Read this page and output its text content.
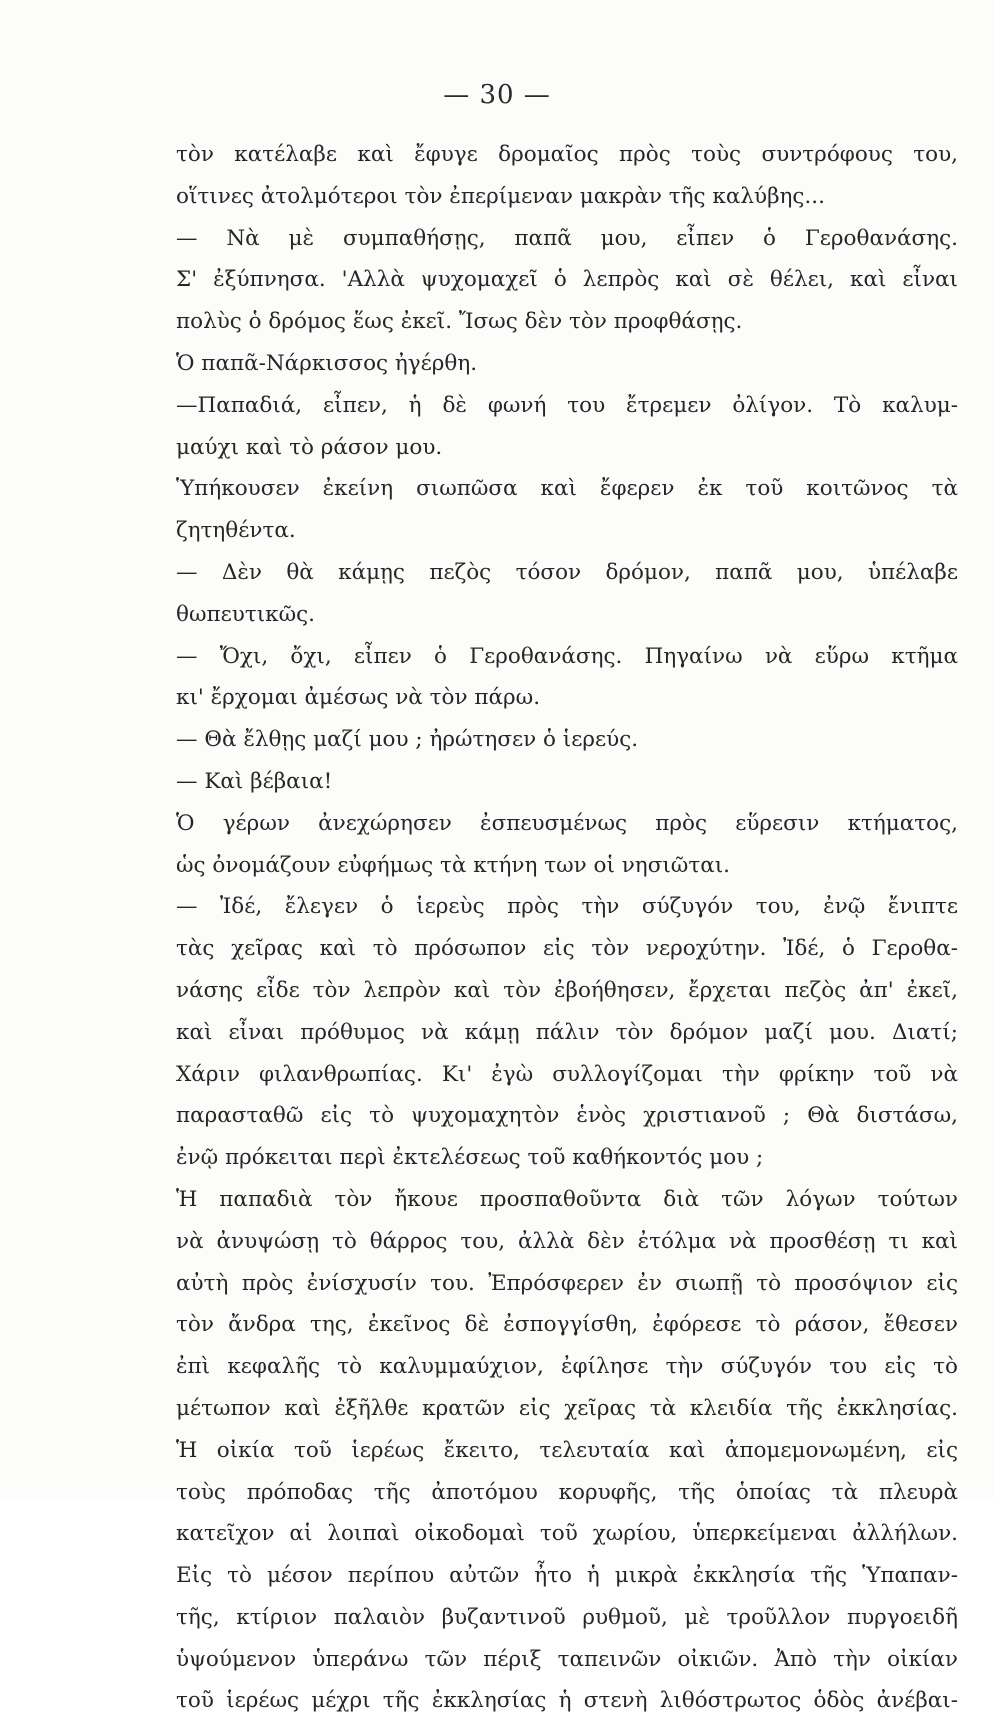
— 30 —
τὸν κατέλαβε καὶ ἔφυγε δρομαῖος πρὸς τοὺς συντρόφους του,
οἵτινες ἀτολμότεροι τὸν ἐπερίμεναν μακρὰν τῆς καλύβης...
— Νὰ μὲ συμπαθήσῃς, παπᾶ μου, εἶπεν ὁ Γεροθανάσης.
Σ' ἐξύπνησα. 'Αλλὰ ψυχομαχεῖ ὁ λεπρὸς καὶ σὲ θέλει, καὶ εἶναι
πολὺς ὁ δρόμος ἕως ἐκεῖ. Ἴσως δὲν τὸν προφθάσῃς.
Ὁ παπᾶ-Νάρκισσος ἠγέρθη.
—Παπαδιά, εἶπεν, ἡ δὲ φωνή του ἔτρεμεν ὀλίγον. Τὸ καλυμ-
μαύχι καὶ τὸ ράσον μου.
Ὑπήκουσεν ἐκείνη σιωπῶσα καὶ ἔφερεν ἐκ τοῦ κοιτῶνος τὰ
ζητηθέντα.
— Δὲν θὰ κάμῃς πεζὸς τόσον δρόμον, παπᾶ μου, ὑπέλαβε
θωπευτικῶς.
— Ὄχι, ὄχι, εἶπεν ὁ Γεροθανάσης. Πηγαίνω νὰ εὕρω κτῆμα
κι' ἔρχομαι ἀμέσως νὰ τὸν πάρω.
— Θὰ ἔλθῃς μαζί μου ; ἠρώτησεν ὁ ἱερεύς.
— Καὶ βέβαια!
Ὁ γέρων ἀνεχώρησεν ἐσπευσμένως πρὸς εὕρεσιν κτήματος,
ὡς ὀνομάζουν εὐφήμως τὰ κτήνη των οἱ νησιῶται.
— Ἰδέ, ἔλεγεν ὁ ἱερεὺς πρὸς τὴν σύζυγόν του, ἐνῷ ἔνιπτε
τὰς χεῖρας καὶ τὸ πρόσωπον εἰς τὸν νεροχύτην. Ἰδέ, ὁ Γεροθα-
νάσης εἶδε τὸν λεπρὸν καὶ τὸν ἐβοήθησεν, ἔρχεται πεζὸς ἀπ' ἐκεῖ,
καὶ εἶναι πρόθυμος νὰ κάμῃ πάλιν τὸν δρόμον μαζί μου. Διατί;
Χάριν φιλανθρωπίας. Κι' ἐγὼ συλλογίζομαι τὴν φρίκην τοῦ νὰ
παρασταθῶ εἰς τὸ ψυχομαχητὸν ἑνὸς χριστιανοῦ ; Θὰ διστάσω,
ἐνῷ πρόκειται περὶ ἐκτελέσεως τοῦ καθήκοντός μου ;
Ἡ παπαδιὰ τὸν ἤκουε προσπαθοῦντα διὰ τῶν λόγων τούτων
νὰ ἀνυψώσῃ τὸ θάρρος του, ἀλλὰ δὲν ἐτόλμα νὰ προσθέσῃ τι καὶ
αὐτὴ πρὸς ἐνίσχυσίν του. Ἐπρόσφερεν ἐν σιωπῇ τὸ προσόψιον εἰς
τὸν ἄνδρα της, ἐκεῖνος δὲ ἐσπογγίσθη, ἐφόρεσε τὸ ράσον, ἔθεσεν
ἐπὶ κεφαλῆς τὸ καλυμμαύχιον, ἐφίλησε τὴν σύζυγόν του εἰς τὸ
μέτωπον καὶ ἐξῆλθε κρατῶν εἰς χεῖρας τὰ κλειδία τῆς ἐκκλησίας.
Ἡ οἰκία τοῦ ἱερέως ἔκειτο, τελευταία καὶ ἀπομεμονωμένη, εἰς
τοὺς πρόποδας τῆς ἀποτόμου κορυφῆς, τῆς ὁποίας τὰ πλευρὰ
κατεῖχον αἱ λοιπαὶ οἰκοδομαὶ τοῦ χωρίου, ὑπερκείμεναι ἀλλήλων.
Εἰς τὸ μέσον περίπου αὐτῶν ἦτο ἡ μικρὰ ἐκκλησία τῆς Ὑπαπαν-
τῆς, κτίριον παλαιὸν βυζαντινοῦ ρυθμοῦ, μὲ τροῦλλον πυργοειδῆ
ὑψούμενον ὑπεράνω τῶν πέριξ ταπεινῶν οἰκιῶν. Ἀπὸ τὴν οἰκίαν
τοῦ ἱερέως μέχρι τῆς ἐκκλησίας ἡ στενὴ λιθόστρωτος ὁδὸς ἀνέβαι-
